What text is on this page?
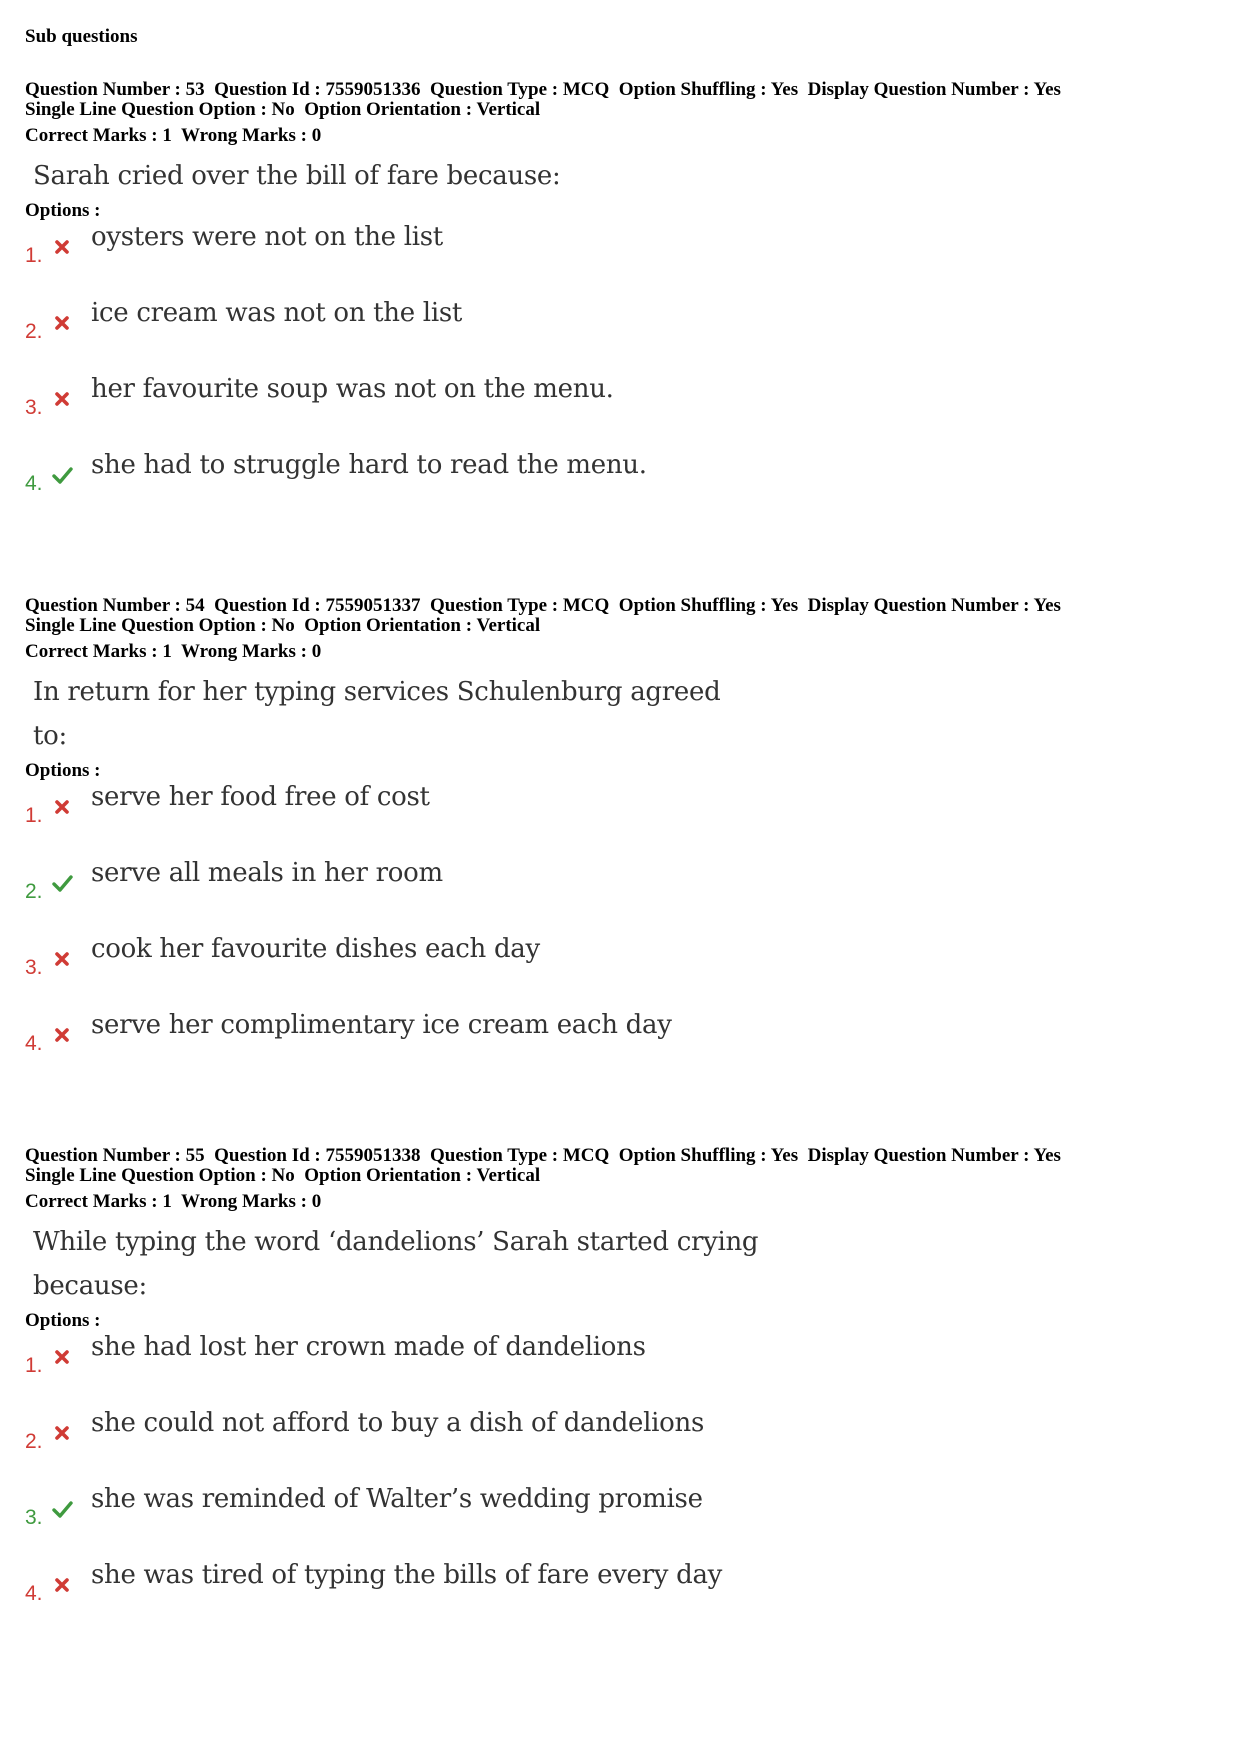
Sub questions
Question Number : 53  Question Id : 7559051336  Question Type : MCQ  Option Shuffling : Yes  Display Question Number : Yes
Single Line Question Option : No  Option Orientation : Vertical
Correct Marks : 1  Wrong Marks : 0
Sarah cried over the bill of fare because:
Options :
1.
oysters were not on the list
2.
ice cream was not on the list
3.
her favourite soup was not on the menu.
4.
she had to struggle hard to read the menu.
Question Number : 54  Question Id : 7559051337  Question Type : MCQ  Option Shuffling : Yes  Display Question Number : Yes
Single Line Question Option : No  Option Orientation : Vertical
Correct Marks : 1  Wrong Marks : 0
In return for her typing services Schulenburg agreed
to:
Options :
1.
serve her food free of cost
2.
serve all meals in her room
3.
cook her favourite dishes each day
4.
serve her complimentary ice cream each day
Question Number : 55  Question Id : 7559051338  Question Type : MCQ  Option Shuffling : Yes  Display Question Number : Yes
Single Line Question Option : No  Option Orientation : Vertical
Correct Marks : 1  Wrong Marks : 0
While typing the word ‘dandelions’ Sarah started crying
because:
Options :
1.
she had lost her crown made of dandelions
2.
she could not afford to buy a dish of dandelions
3.
she was reminded of Walter’s wedding promise
4.
she was tired of typing the bills of fare every day
